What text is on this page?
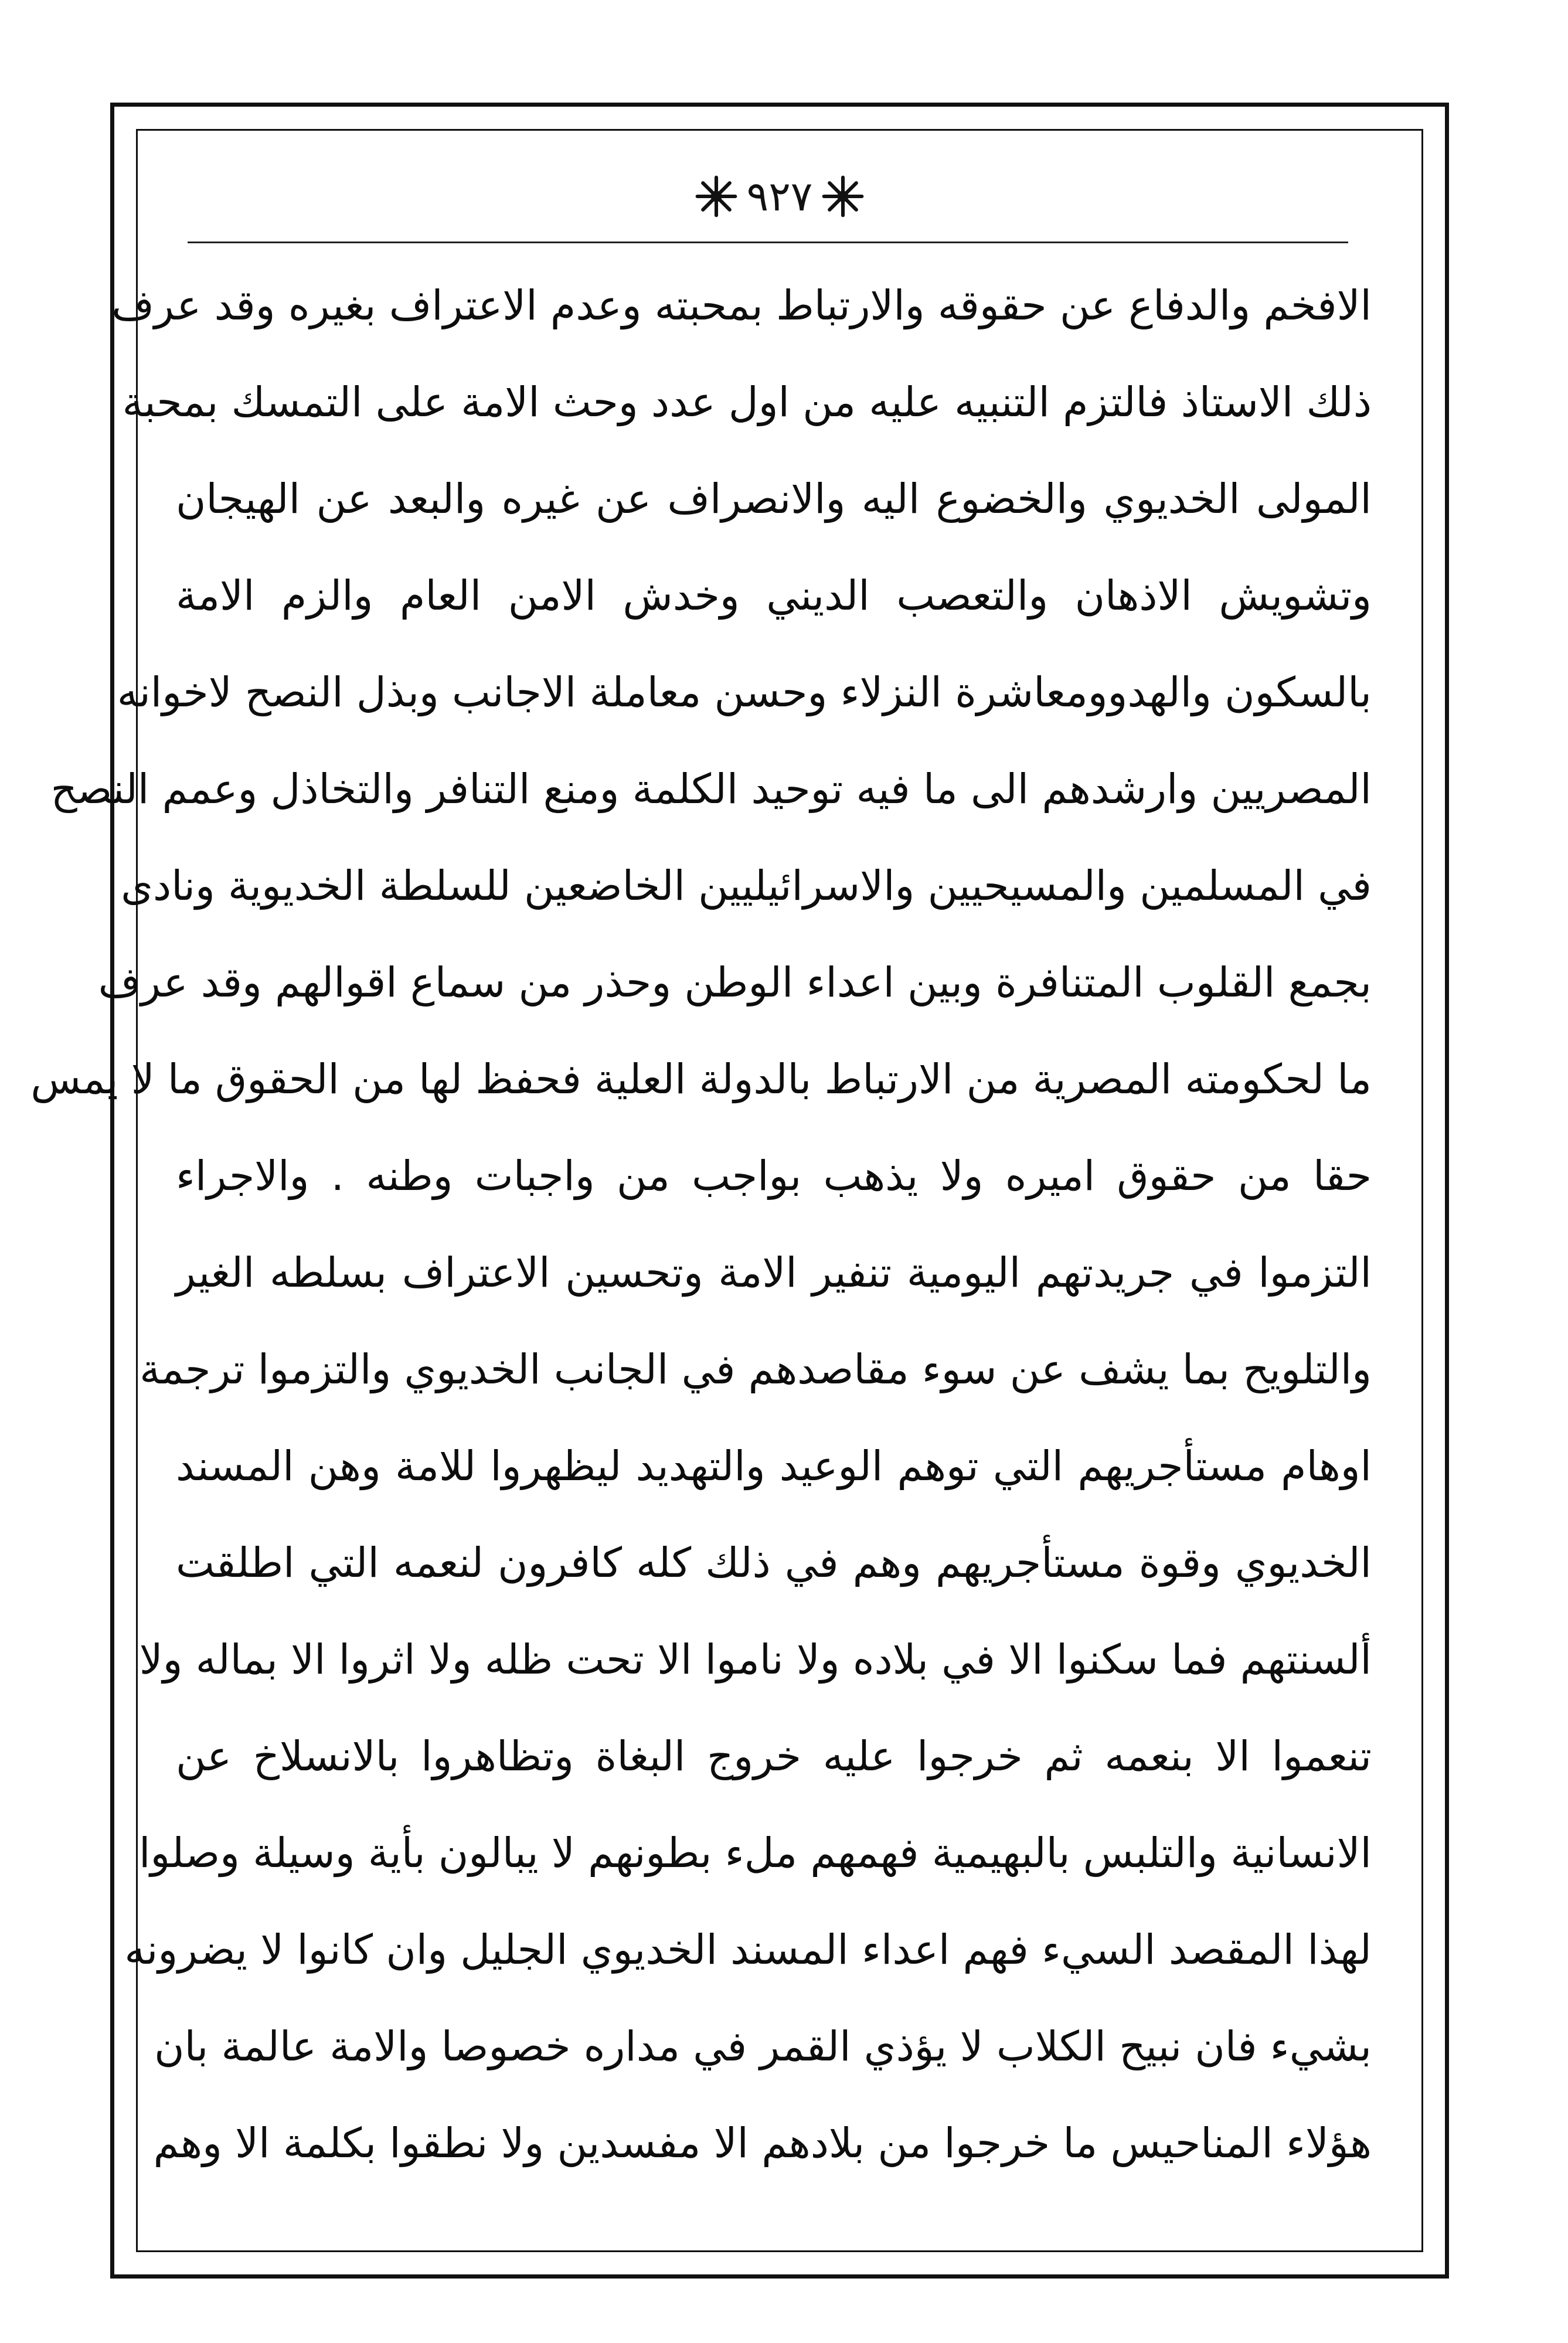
٩٢٧
الافخم والدفاع عن حقوقه والارتباط بمحبته وعدم الاعتراف بغيره وقد عرف
ذلك الاستاذ فالتزم التنبيه عليه من اول عدد وحث الامة على التمسك بمحبة
المولى الخديوي والخضوع اليه والانصراف عن غيره والبعد عن الهيجان
وتشويش الاذهان والتعصب الديني وخدش الامن العام والزم الامة
بالسكون والهدوومعاشرة النزلاء وحسن معاملة الاجانب وبذل النصح لاخوانه
المصريين وارشدهم الى ما فيه توحيد الكلمة ومنع التنافر والتخاذل وعمم النصح
في المسلمين والمسيحيين والاسرائيليين الخاضعين للسلطة الخديوية ونادى
بجمع القلوب المتنافرة وبين اعداء الوطن وحذر من سماع اقوالهم وقد عرف
ما لحكومته المصرية من الارتباط بالدولة العلية فحفظ لها من الحقوق ما لا يمس
حقا من حقوق اميره ولا يذهب بواجب من واجبات وطنه . والاجراء
التزموا في جريدتهم اليومية تنفير الامة وتحسين الاعتراف بسلطه الغير
والتلويح بما يشف عن سوء مقاصدهم في الجانب الخديوي والتزموا ترجمة
اوهام مستأجريهم التي توهم الوعيد والتهديد ليظهروا للامة وهن المسند
الخديوي وقوة مستأجريهم وهم في ذلك كله كافرون لنعمه التي اطلقت
ألسنتهم فما سكنوا الا في بلاده ولا ناموا الا تحت ظله ولا اثروا الا بماله ولا
تنعموا الا بنعمه ثم خرجوا عليه خروج البغاة وتظاهروا بالانسلاخ عن
الانسانية والتلبس بالبهيمية فهمهم ملء بطونهم لا يبالون بأية وسيلة وصلوا
لهذا المقصد السيء فهم اعداء المسند الخديوي الجليل وان كانوا لا يضرونه
بشيء فان نبيح الكلاب لا يؤذي القمر في مداره خصوصا والامة عالمة بان
هؤلاء المناحيس ما خرجوا من بلادهم الا مفسدين ولا نطقوا بكلمة الا وهم
